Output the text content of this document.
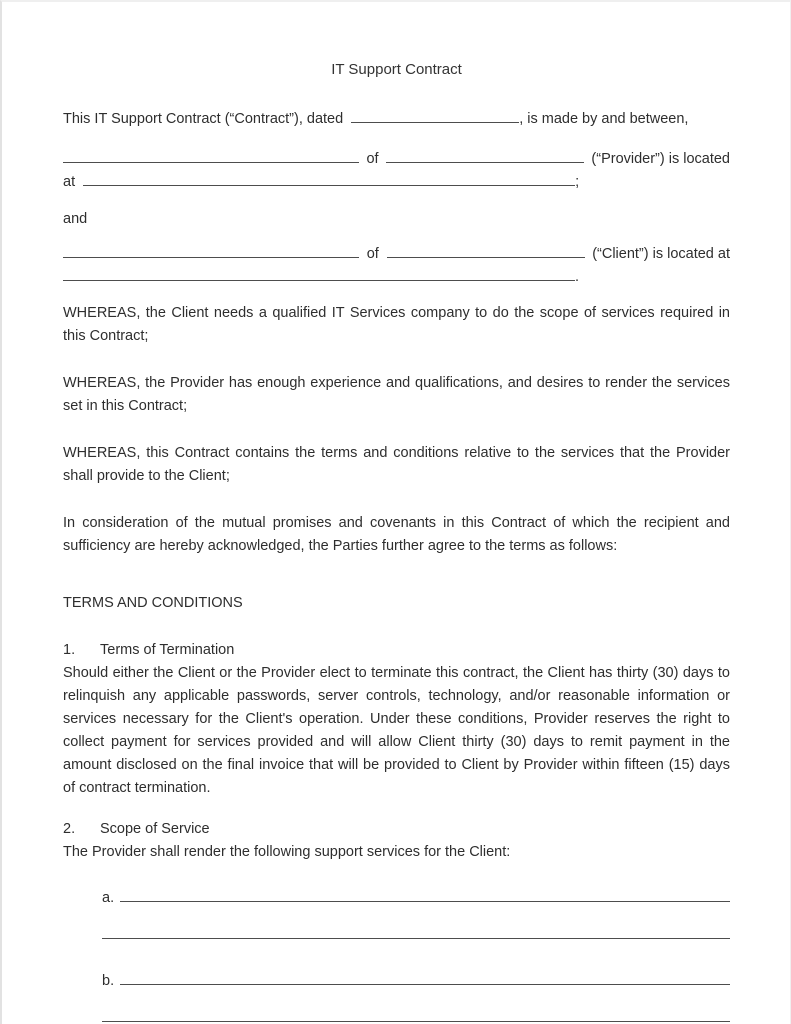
IT Support Contract
This IT Support Contract (“Contract”), dated	, is made by and between,
of	(“Provider”) is located
at	;
and
of	(“Client”) is located at
.

WHEREAS, the Client needs a qualified IT Services company to do the scope of services required in this Contract;

WHEREAS, the Provider has enough experience and qualifications, and desires to render the services set in this Contract;

WHEREAS, this Contract contains the terms and conditions relative to the services that the Provider shall provide to the Client;

In consideration of the mutual promises and covenants in this Contract of which the recipient and sufficiency are hereby acknowledged, the Parties further agree to the terms as follows:

TERMS AND CONDITIONS
1. Terms of Termination

Should either the Client or the Provider elect to terminate this contract, the Client has thirty (30) days to relinquish any applicable passwords, server controls, technology, and/or reasonable information or services necessary for the Client's operation. Under these conditions, Provider reserves the right to collect payment for services provided and will allow Client thirty (30) days to remit payment in the amount disclosed on the final invoice that will be provided to Client by Provider within fifteen (15) days of contract termination.

2. Scope of Service

The Provider shall render the following support services for the Client:

a.
b.
